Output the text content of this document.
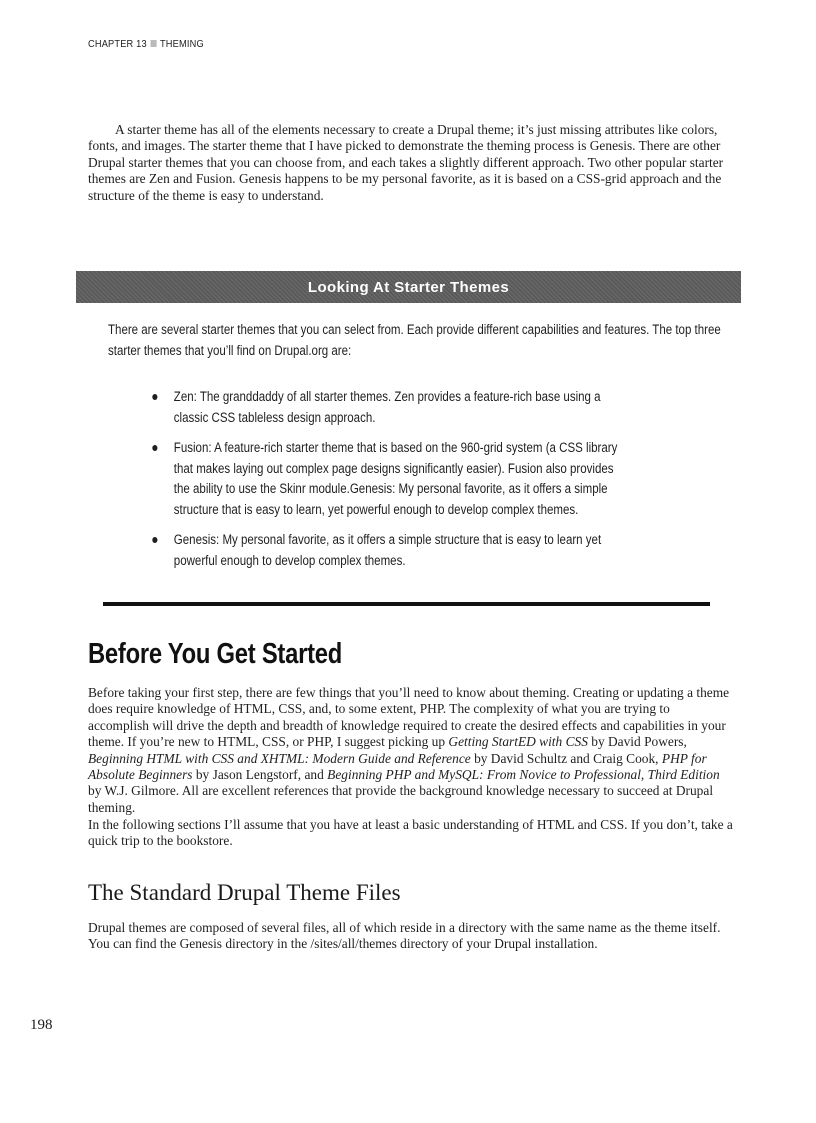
CHAPTER 13 THEMING

A starter theme has all of the elements necessary to create a Drupal theme; it’s just missing attributes like colors, fonts, and images. The starter theme that I have picked to demonstrate the theming process is Genesis. There are other Drupal starter themes that you can choose from, and each takes a slightly different approach. Two other popular starter themes are Zen and Fusion. Genesis happens to be my personal favorite, as it is based on a CSS-grid approach and the structure of the theme is easy to understand.

Looking At Starter Themes

There are several starter themes that you can select from. Each provide different capabilities and features. The top three starter themes that you’ll find on Drupal.org are:

Zen: The granddaddy of all starter themes. Zen provides a feature-rich base using a classic CSS tableless design approach.
Fusion: A feature-rich starter theme that is based on the 960-grid system (a CSS library that makes laying out complex page designs significantly easier). Fusion also provides the ability to use the Skinr module.Genesis: My personal favorite, as it offers a simple structure that is easy to learn, yet powerful enough to develop complex themes.
Genesis: My personal favorite, as it offers a simple structure that is easy to learn yet powerful enough to develop complex themes.
Before You Get Started

Before taking your first step, there are few things that you’ll need to know about theming. Creating or updating a theme does require knowledge of HTML, CSS, and, to some extent, PHP. The complexity of what you are trying to accomplish will drive the depth and breadth of knowledge required to create the desired effects and capabilities in your theme. If you’re new to HTML, CSS, or PHP, I suggest picking up Getting StartED with CSS by David Powers, Beginning HTML with CSS and XHTML: Modern Guide and Reference by David Schultz and Craig Cook, PHP for Absolute Beginners by Jason Lengstorf, and Beginning PHP and MySQL: From Novice to Professional, Third Edition by W.J. Gilmore. All are excellent references that provide the background knowledge necessary to succeed at Drupal theming.

In the following sections I’ll assume that you have at least a basic understanding of HTML and CSS. If you don’t, take a quick trip to the bookstore.

The Standard Drupal Theme Files

Drupal themes are composed of several files, all of which reside in a directory with the same name as the theme itself. You can find the Genesis directory in the /sites/all/themes directory of your Drupal installation.

198
